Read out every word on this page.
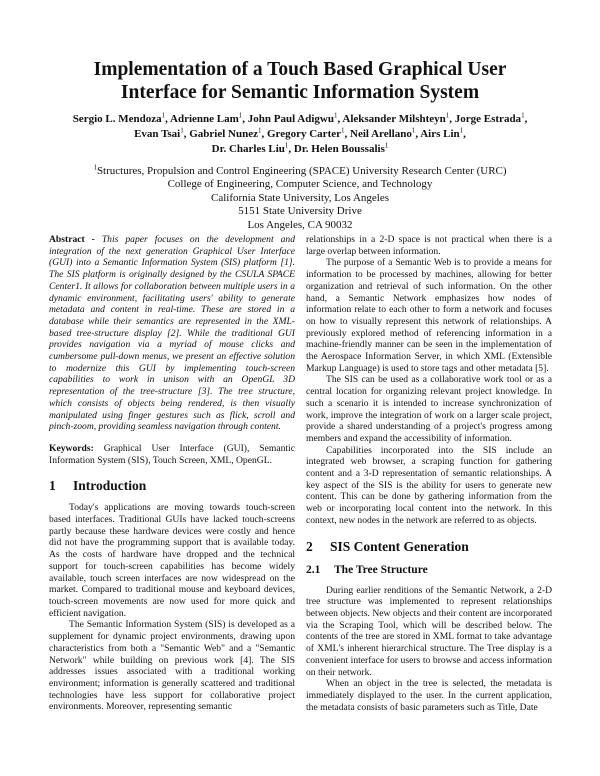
Implementation of a Touch Based Graphical User
Interface for Semantic Information System
Sergio L. Mendoza$^1$, Adrienne Lam$^1$, John Paul Adigwu$^1$, Aleksander Milshteyn$^1$, Jorge Estrada$^1$,
Evan Tsai$^1$, Gabriel Nunez$^1$, Gregory Carter$^1$, Neil Arellano$^1$, Airs Lin$^1$,
Dr. Charles Liu$^1$, Dr. Helen Boussalis$^1$
$^1$Structures, Propulsion and Control Engineering (SPACE) University Research Center (URC)
College of Engineering, Computer Science, and Technology
California State University, Los Angeles
5151 State University Drive
Los Angeles, CA 90032

Abstract - This paper focuses on the development and integration of the next generation Graphical User Interface (GUI) into a Semantic Information System (SIS) platform [1]. The SIS platform is originally designed by the CSULA SPACE Center1. It allows for collaboration between multiple users in a dynamic environment, facilitating users' ability to generate metadata and content in real-time. These are stored in a database while their semantics are represented in the XML-based tree-structure display [2]. While the traditional GUI provides navigation via a myriad of mouse clicks and cumbersome pull-down menus, we present an effective solution to modernize this GUI by implementing touch-screen capabilities to work in unison with an OpenGL 3D representation of the tree-structure [3]. The tree structure, which consists of objects being rendered, is then visually manipulated using finger gestures such as flick, scroll and pinch-zoom, providing seamless navigation through content.

Keywords: Graphical User Interface (GUI), Semantic Information System (SIS), Touch Screen, XML, OpenGL.

1 Introduction

Today's applications are moving towards touch-screen based interfaces. Traditional GUIs have lacked touch-screens partly because these hardware devices were costly and hence did not have the programming support that is available today. As the costs of hardware have dropped and the technical support for touch-screen capabilities has become widely available, touch screen interfaces are now widespread on the market. Compared to traditional mouse and keyboard devices, touch-screen movements are now used for more quick and efficient navigation.

The Semantic Information System (SIS) is developed as a supplement for dynamic project environments, drawing upon characteristics from both a "Semantic Web" and a "Semantic Network" while building on previous work [4]. The SIS addresses issues associated with a traditional working environment; information is generally scattered and traditional technologies have less support for collaborative project environments. Moreover, representing semantic

relationships in a 2-D space is not practical when there is a large overlap between information.

The purpose of a Semantic Web is to provide a means for information to be processed by machines, allowing for better organization and retrieval of such information. On the other hand, a Semantic Network emphasizes how nodes of information relate to each other to form a network and focuses on how to visually represent this network of relationships. A previously explored method of referencing information in a machine-friendly manner can be seen in the implementation of the Aerospace Information Server, in which XML (Extensible Markup Language) is used to store tags and other metadata [5].

The SIS can be used as a collaborative work tool or as a central location for organizing relevant project knowledge. In such a scenario it is intended to increase synchronization of work, improve the integration of work on a larger scale project, provide a shared understanding of a project's progress among members and expand the accessibility of information.

Capabilities incorporated into the SIS include an integrated web browser, a scraping function for gathering content and a 3-D representation of semantic relationships. A key aspect of the SIS is the ability for users to generate new content. This can be done by gathering information from the web or incorporating local content into the network. In this context, new nodes in the network are referred to as objects.

2 SIS Content Generation
2.1 The Tree Structure

During earlier renditions of the Semantic Network, a 2-D tree structure was implemented to represent relationships between objects. New objects and their content are incorporated via the Scraping Tool, which will be described below. The contents of the tree are stored in XML format to take advantage of XML's inherent hierarchical structure. The Tree display is a convenient interface for users to browse and access information on their network.

When an object in the tree is selected, the metadata is immediately displayed to the user. In the current application, the metadata consists of basic parameters such as Title, Date
